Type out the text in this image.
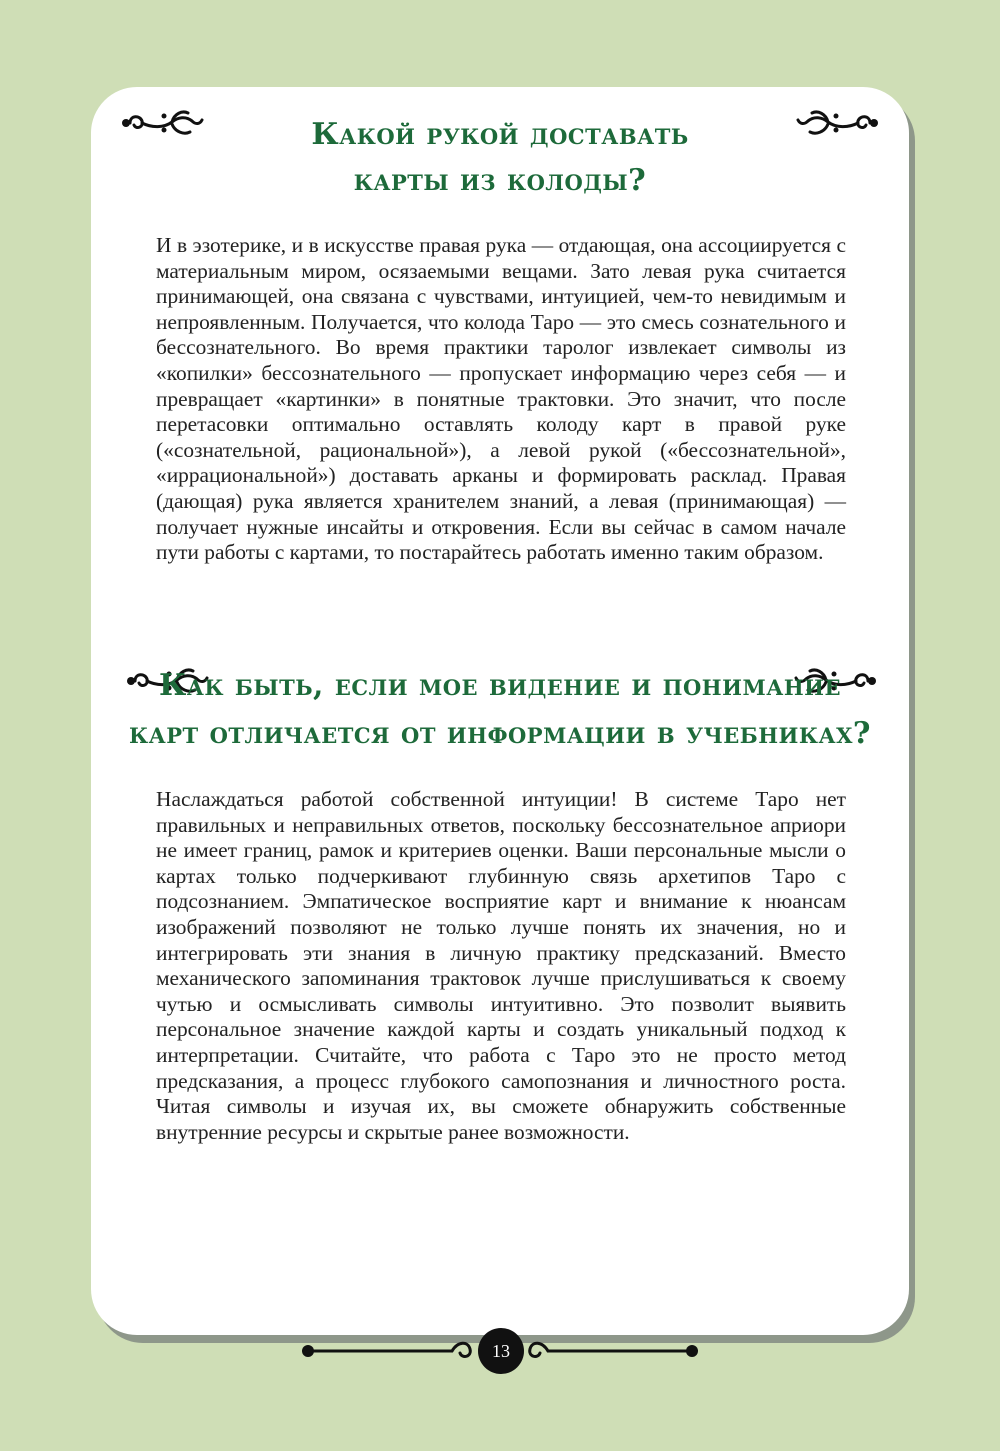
Какой рукой доставать
карты из колоды?

И в эзотерике, и в искусстве правая рука — отдающая, она ассоциируется с материальным миром, осязаемыми вещами. Зато левая рука считается принимающей, она связана с чувствами, интуицией, чем-то невидимым и непроявленным. Получается, что колода Таро — это смесь сознательного и бессознательного. Во время практики таролог извлекает символы из «копилки» бессознательного — пропускает информацию через себя — и превращает «картинки» в понятные трактовки. Это значит, что после перетасовки оптимально оставлять колоду карт в правой руке («сознательной, рациональной»), а левой рукой («бессознательной», «иррациональной») доставать арканы и формировать расклад. Правая (дающая) рука является хранителем знаний, а левая (принимающая) — получает нужные инсайты и откровения. Если вы сейчас в самом начале пути работы с картами, то постарайтесь работать именно таким образом.

Как быть, если мое видение и понимание
карт отличается от информации в учебниках?

Наслаждаться работой собственной интуиции! В системе Таро нет правильных и неправильных ответов, поскольку бессознательное априори не имеет границ, рамок и критериев оценки. Ваши персональные мысли о картах только подчеркивают глубинную связь архетипов Таро с подсознанием. Эмпатическое восприятие карт и внимание к нюансам изображений позволяют не только лучше понять их значения, но и интегрировать эти знания в личную практику предсказаний. Вместо механического запоминания трактовок лучше прислушиваться к своему чутью и осмысливать символы интуитивно. Это позволит выявить персональное значение каждой карты и создать уникальный подход к интерпретации. Считайте, что работа с Таро это не просто метод предсказания, а процесс глубокого самопознания и личностного роста. Читая символы и изучая их, вы сможете обнаружить собственные внутренние ресурсы и скрытые ранее возможности.

13
